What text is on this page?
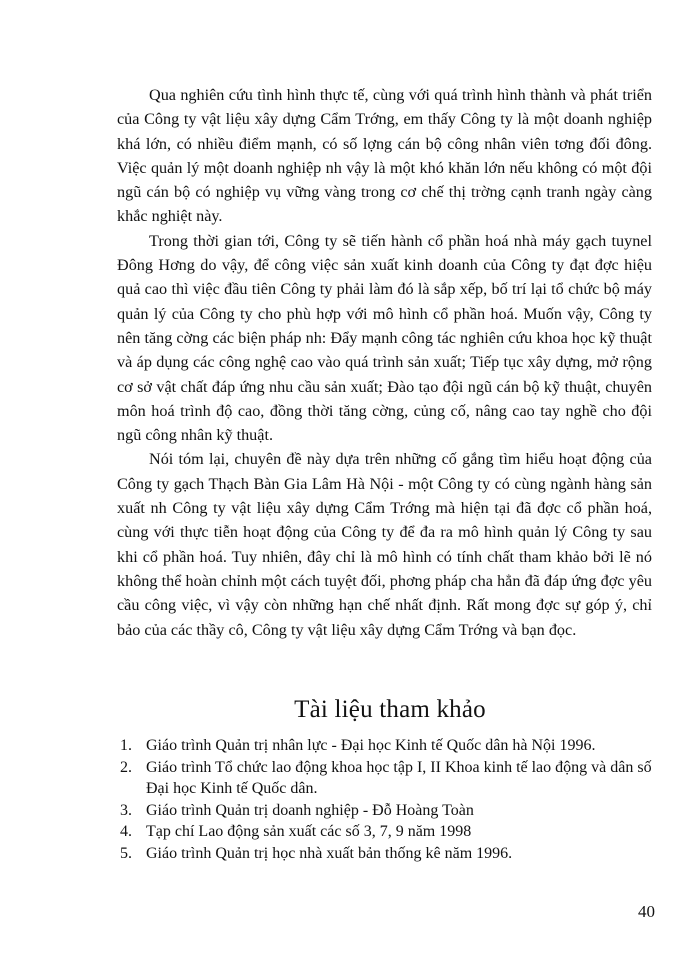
Qua nghiên cứu tình hình thực tế, cùng với quá trình hình thành và phát triển của Công ty vật liệu xây dựng Cẩm Trớng, em thấy Công ty là một doanh nghiệp khá lớn, có nhiều điểm mạnh, có số lợng cán bộ công nhân viên tơng đối đông. Việc quản lý một doanh nghiệp nh vậy là một khó khăn lớn nếu không có một đội ngũ cán bộ có nghiệp vụ vững vàng trong cơ chế thị trờng cạnh tranh ngày càng khắc nghiệt này.

Trong thời gian tới, Công ty sẽ tiến hành cổ phần hoá nhà máy gạch tuynel Đông Hơng do vậy, để công việc sản xuất kinh doanh của Công ty đạt đợc hiệu quả cao thì việc đầu tiên Công ty phải làm đó là sắp xếp, bố trí lại tổ chức bộ máy quản lý của Công ty cho phù hợp với mô hình cổ phần hoá. Muốn vậy, Công ty nên tăng cờng các biện pháp nh: Đẩy mạnh công tác nghiên cứu khoa học kỹ thuật và áp dụng các công nghệ cao vào quá trình sản xuất; Tiếp tục xây dựng, mở rộng cơ sở vật chất đáp ứng nhu cầu sản xuất; Đào tạo đội ngũ cán bộ kỹ thuật, chuyên môn hoá trình độ cao, đồng thời tăng cờng, củng cố, nâng cao tay nghề cho đội ngũ công nhân kỹ thuật.

Nói tóm lại, chuyên đề này dựa trên những cố gắng tìm hiểu hoạt động của Công ty gạch Thạch Bàn Gia Lâm Hà Nội - một Công ty có cùng ngành hàng sản xuất nh Công ty vật liệu xây dựng Cẩm Trớng mà hiện tại đã đợc cổ phần hoá, cùng với thực tiễn hoạt động của Công ty để đa ra mô hình quản lý Công ty sau khi cổ phần hoá. Tuy nhiên, đây chỉ là mô hình có tính chất tham khảo bởi lẽ nó không thể hoàn chỉnh một cách tuyệt đối, phơng pháp cha hẳn đã đáp ứng đợc yêu cầu công việc, vì vậy còn những hạn chế nhất định. Rất mong đợc sự góp ý, chỉ bảo của các thầy cô, Công ty vật liệu xây dựng Cẩm Trớng và bạn đọc.

Tài liệu tham khảo
1. Giáo trình Quản trị nhân lực - Đại học Kinh tế Quốc dân hà Nội 1996.
2. Giáo trình Tổ chức lao động khoa học tập I, II Khoa kinh tế lao động và dân số Đại học Kinh tế Quốc dân.
3. Giáo trình Quản trị doanh nghiệp - Đỗ Hoàng Toàn
4. Tạp chí Lao động sản xuất các số 3, 7, 9 năm 1998
5. Giáo trình Quản trị học nhà xuất bản thống kê năm 1996.
40
